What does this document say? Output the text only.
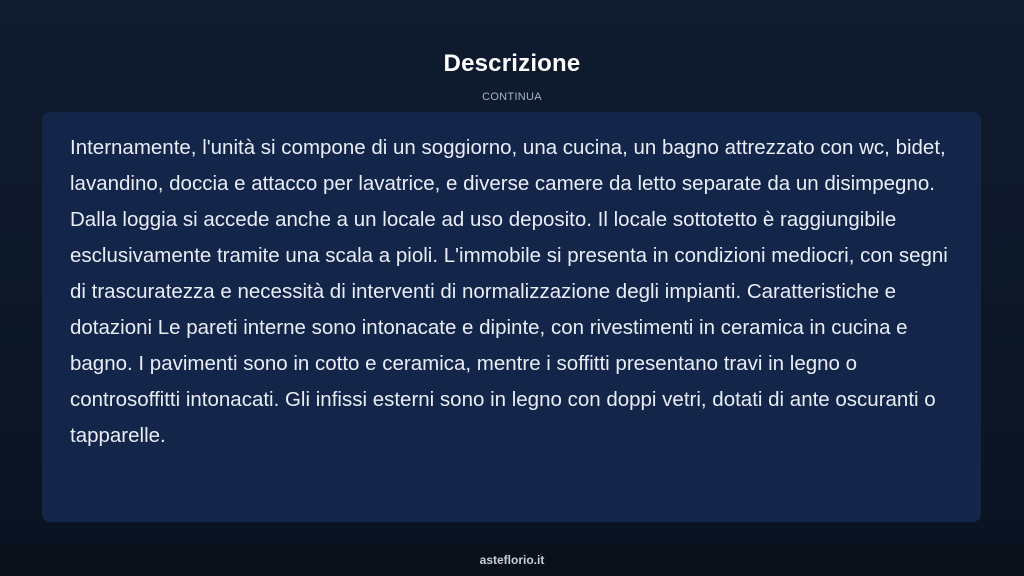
Descrizione
CONTINUA

Internamente, l'unità si compone di un soggiorno, una cucina, un bagno attrezzato con wc, bidet, lavandino, doccia e attacco per lavatrice, e diverse camere da letto separate da un disimpegno. Dalla loggia si accede anche a un locale ad uso deposito. Il locale sottotetto è raggiungibile esclusivamente tramite una scala a pioli. L'immobile si presenta in condizioni mediocri, con segni di trascuratezza e necessità di interventi di normalizzazione degli impianti. Caratteristiche e dotazioni Le pareti interne sono intonacate e dipinte, con rivestimenti in ceramica in cucina e bagno. I pavimenti sono in cotto e ceramica, mentre i soffitti presentano travi in legno o controsoffitti intonacati. Gli infissi esterni sono in legno con doppi vetri, dotati di ante oscuranti o tapparelle.

asteflorio.it
